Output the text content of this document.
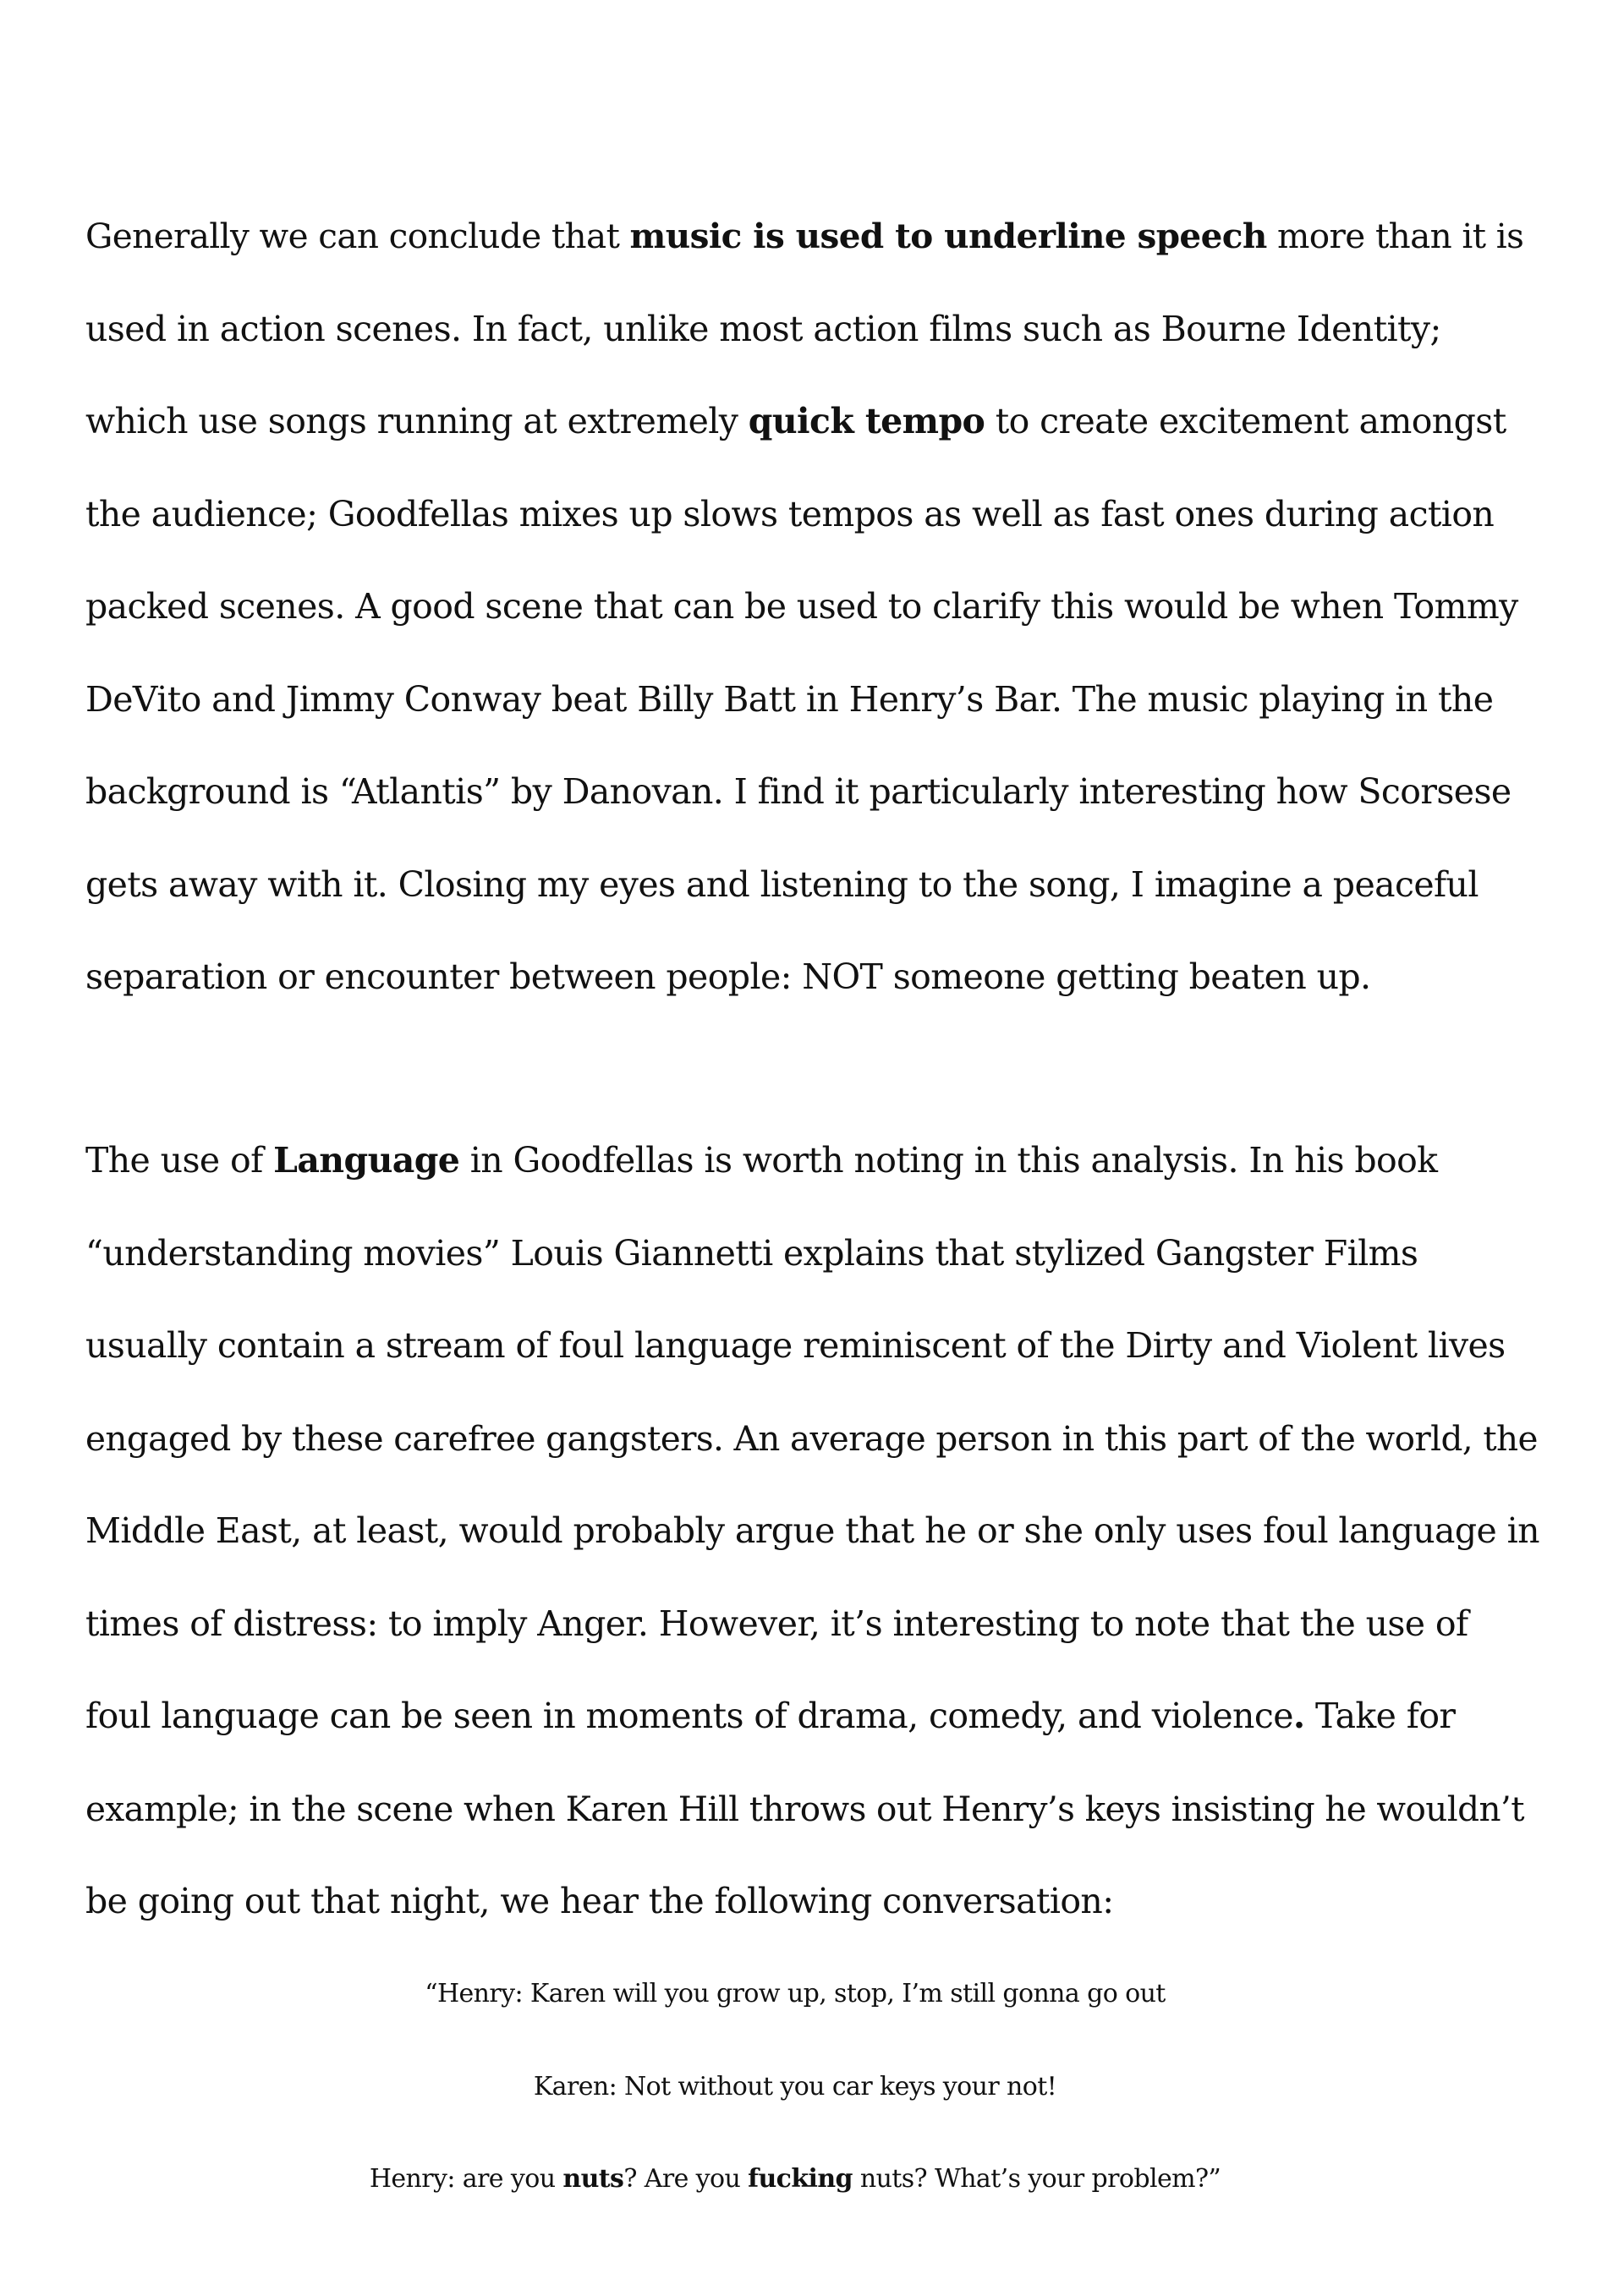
Generally we can conclude that music is used to underline speech more than it is
used in action scenes. In fact, unlike most action films such as Bourne Identity;
which use songs running at extremely quick tempo to create excitement amongst
the audience; Goodfellas mixes up slows tempos as well as fast ones during action
packed scenes. A good scene that can be used to clarify this would be when Tommy
DeVito and Jimmy Conway beat Billy Batt in Henry’s Bar. The music playing in the
background is “Atlantis” by Danovan. I find it particularly interesting how Scorsese
gets away with it. Closing my eyes and listening to the song, I imagine a peaceful
separation or encounter between people: NOT someone getting beaten up.
The use of Language in Goodfellas is worth noting in this analysis. In his book
“understanding movies” Louis Giannetti explains that stylized Gangster Films
usually contain a stream of foul language reminiscent of the Dirty and Violent lives
engaged by these carefree gangsters. An average person in this part of the world, the
Middle East, at least, would probably argue that he or she only uses foul language in
times of distress: to imply Anger. However, it’s interesting to note that the use of
foul language can be seen in moments of drama, comedy, and violence. Take for
example; in the scene when Karen Hill throws out Henry’s keys insisting he wouldn’t
be going out that night, we hear the following conversation:
“Henry: Karen will you grow up, stop, I’m still gonna go out
Karen: Not without you car keys your not!
Henry: are you nuts? Are you fucking nuts? What’s your problem?”
